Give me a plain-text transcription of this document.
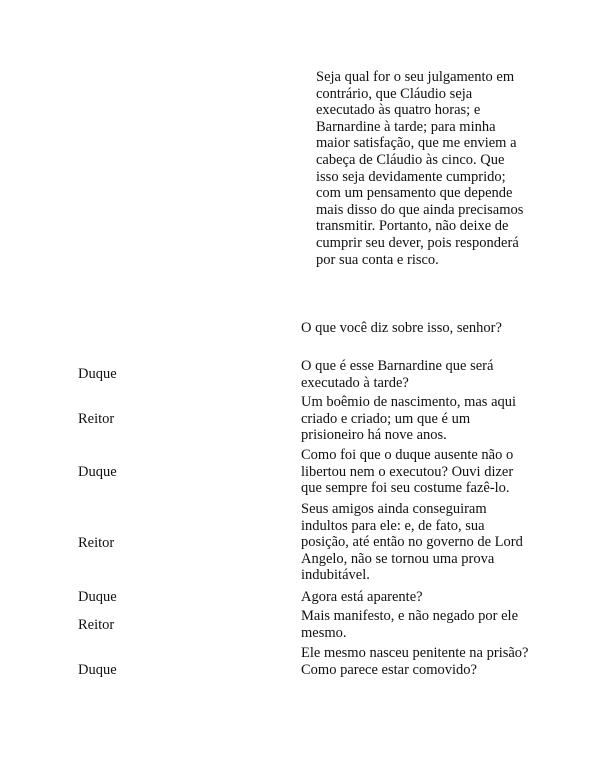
Seja qual for o seu julgamento em contrário, que Cláudio seja executado às quatro horas; e Barnardine à tarde; para minha maior satisfação, que me enviem a cabeça de Cláudio às cinco. Que isso seja devidamente cumprido; com um pensamento que depende mais disso do que ainda precisamos transmitir. Portanto, não deixe de cumprir seu dever, pois responderá por sua conta e risco.
O que você diz sobre isso, senhor?
Duque	O que é esse Barnardine que será executado à tarde?
Reitor
Um boêmio de nascimento, mas aqui criado e criado; um que é um prisioneiro há nove anos.
Duque
Como foi que o duque ausente não o libertou nem o executou? Ouvi dizer que sempre foi seu costume fazê-lo.
Reitor
Seus amigos ainda conseguiram indultos para ele: e, de fato, sua posição, até então no governo de Lord Angelo, não se tornou uma prova indubitável.
Duque	Agora está aparente?
Reitor
Mais manifesto, e não negado por ele mesmo.
Duque
Ele mesmo nasceu penitente na prisão? Como parece estar comovido?
